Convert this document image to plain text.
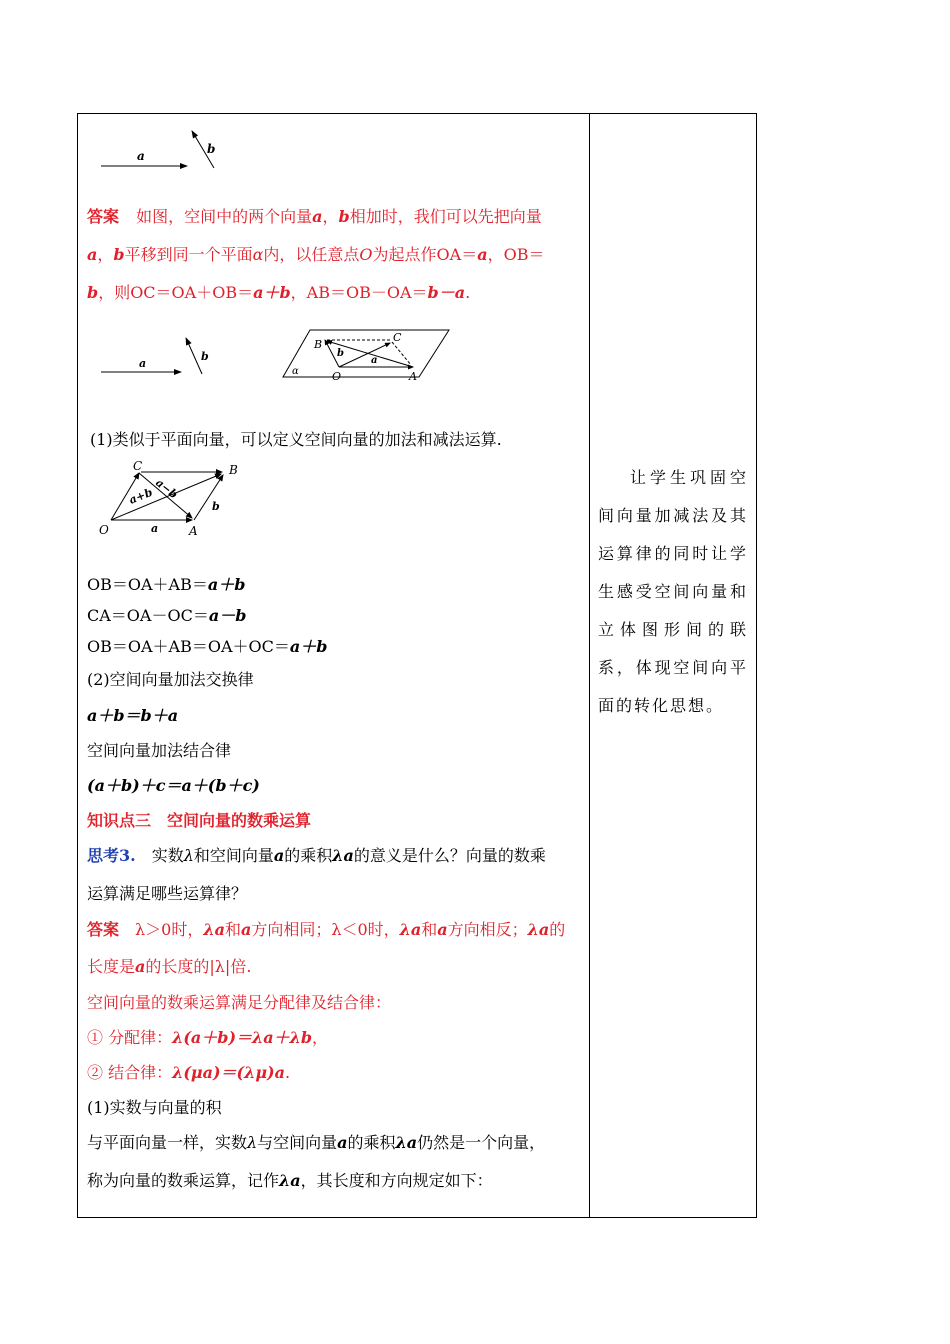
a	b
答案 如图，空间中的两个向量a，b相加时，我们可以先把向量
a，b平移到同一个平面α内，以任意点O为起点作OA＝a，OB＝
b，则OC＝OA＋OB＝a＋b，AB＝OB－OA＝b－a.
a
b
B
C
b
a
O	A
α
(1)类似于平面向量，可以定义空间向量的加法和减法运算.
C	B
a−b
a+b	b
O	a	A
OB＝OA＋AB＝a＋b
CA＝OA－OC＝a－b
OB＝OA＋AB＝OA＋OC＝a＋b
(2)空间向量加法交换律
a＋b＝b＋a
空间向量加法结合律
(a＋b)＋c＝a＋(b＋c)
知识点三　空间向量的数乘运算
思考3.　实数λ和空间向量a的乘积λa的意义是什么？向量的数乘
运算满足哪些运算律？
答案　λ＞0时，λa和a方向相同；λ＜0时，λa和a方向相反；λa的
长度是a的长度的|λ|倍.
空间向量的数乘运算满足分配律及结合律：
① 分配律：λ(a＋b)＝λa＋λb，
② 结合律：λ(μa)＝(λμ)a.
(1)实数与向量的积
与平面向量一样，实数λ与空间向量a的乘积λa仍然是一个向量，
称为向量的数乘运算，记作λa，其长度和方向规定如下：
让学生巩固空间向量加减法及其运算律的同时让学生感受空间向量和立体图形间的联系，体现空间向平面的转化思想。
